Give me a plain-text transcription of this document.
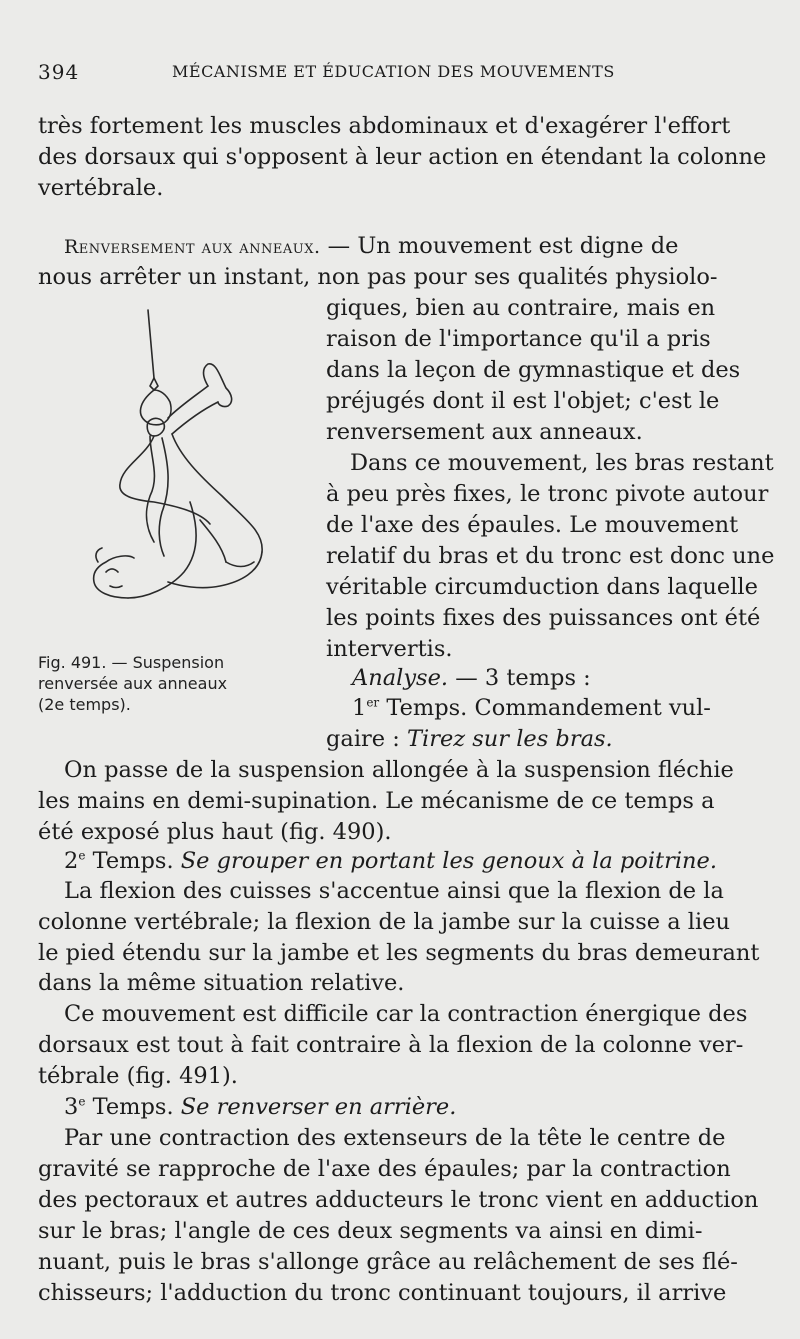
394	MÉCANISME ET ÉDUCATION DES MOUVEMENTS
très fortement les muscles abdominaux et d'exagérer l'effort
des dorsaux qui s'opposent à leur action en étendant la colonne
vertébrale.
Renversement aux anneaux. — Un mouvement est digne de
nous arrêter un instant, non pas pour ses qualités physiolo-
giques, bien au contraire, mais en
raison de l'importance qu'il a pris
dans la leçon de gymnastique et des
préjugés dont il est l'objet; c'est le
renversement aux anneaux.
Dans ce mouvement, les bras restant
à peu près fixes, le tronc pivote autour
de l'axe des épaules. Le mouvement
relatif du bras et du tronc est donc une
véritable circumduction dans laquelle
les points fixes des puissances ont été
intervertis.
Analyse. — 3 temps :
1er Temps. Commandement vul-
gaire : Tirez sur les bras.
On passe de la suspension allongée à la suspension fléchie
les mains en demi-supination. Le mécanisme de ce temps a
été exposé plus haut (fig. 490).
2e Temps. Se grouper en portant les genoux à la poitrine.
La flexion des cuisses s'accentue ainsi que la flexion de la
colonne vertébrale; la flexion de la jambe sur la cuisse a lieu
le pied étendu sur la jambe et les segments du bras demeurant
dans la même situation relative.
Ce mouvement est difficile car la contraction énergique des
dorsaux est tout à fait contraire à la flexion de la colonne ver-
tébrale (fig. 491).
3e Temps. Se renverser en arrière.
Par une contraction des extenseurs de la tête le centre de
gravité se rapproche de l'axe des épaules; par la contraction
des pectoraux et autres adducteurs le tronc vient en adduction
sur le bras; l'angle de ces deux segments va ainsi en dimi-
nuant, puis le bras s'allonge grâce au relâchement de ses flé-
chisseurs; l'adduction du tronc continuant toujours, il arrive
Fig. 491. — Suspension
renversée aux anneaux
(2e temps).
